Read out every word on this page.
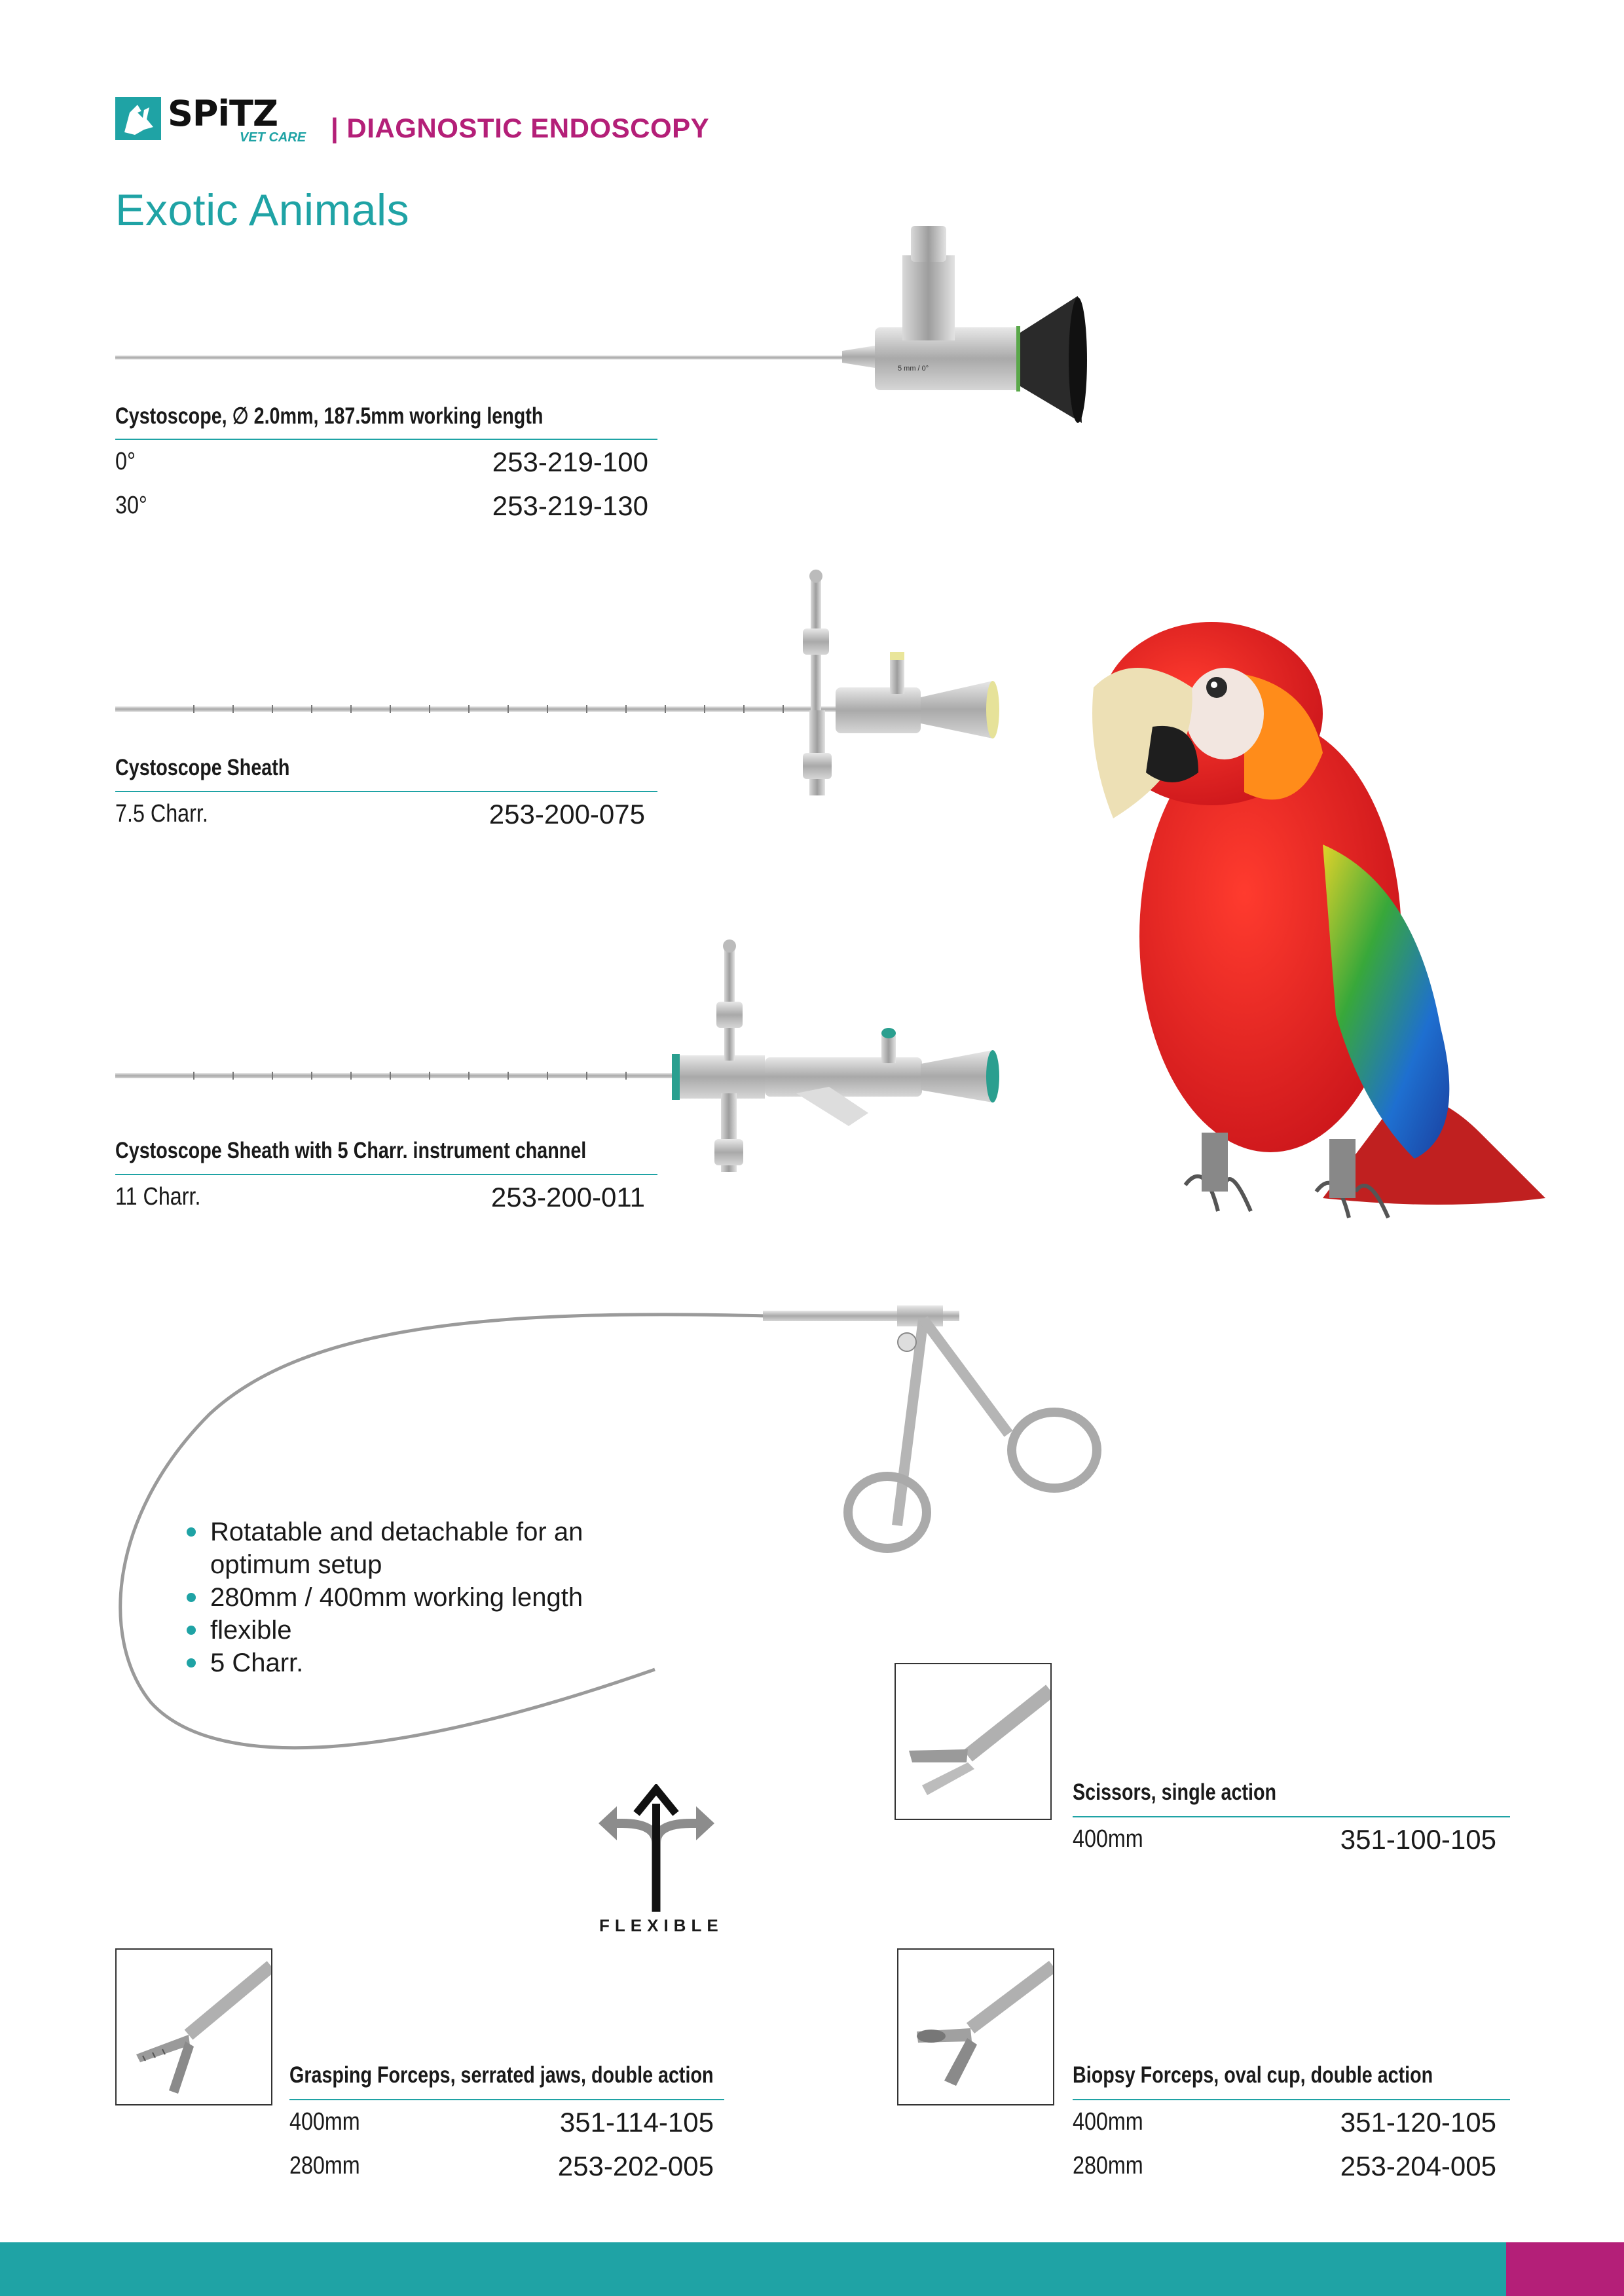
SPiTZ
VET CARE | DIAGNOSTIC ENDOSCOPY
Exotic Animals
5 mm / 0°
Cystoscope, ∅ 2.0mm, 187.5mm working length
0°	253-219-100
30°	253-219-130
Cystoscope Sheath
7.5 Charr.	253-200-075
Cystoscope Sheath with 5 Charr. instrument channel
11 Charr.	253-200-011
Rotatable and detachable for an optimum setup
280mm / 400mm working length
flexible
5 Charr.
FLEXIBLE
Scissors, single action
400mm	351-100-105
Grasping Forceps, serrated jaws, double action
400mm	351-114-105
280mm	253-202-005
Biopsy Forceps, oval cup, double action
400mm	351-120-105
280mm	253-204-005
